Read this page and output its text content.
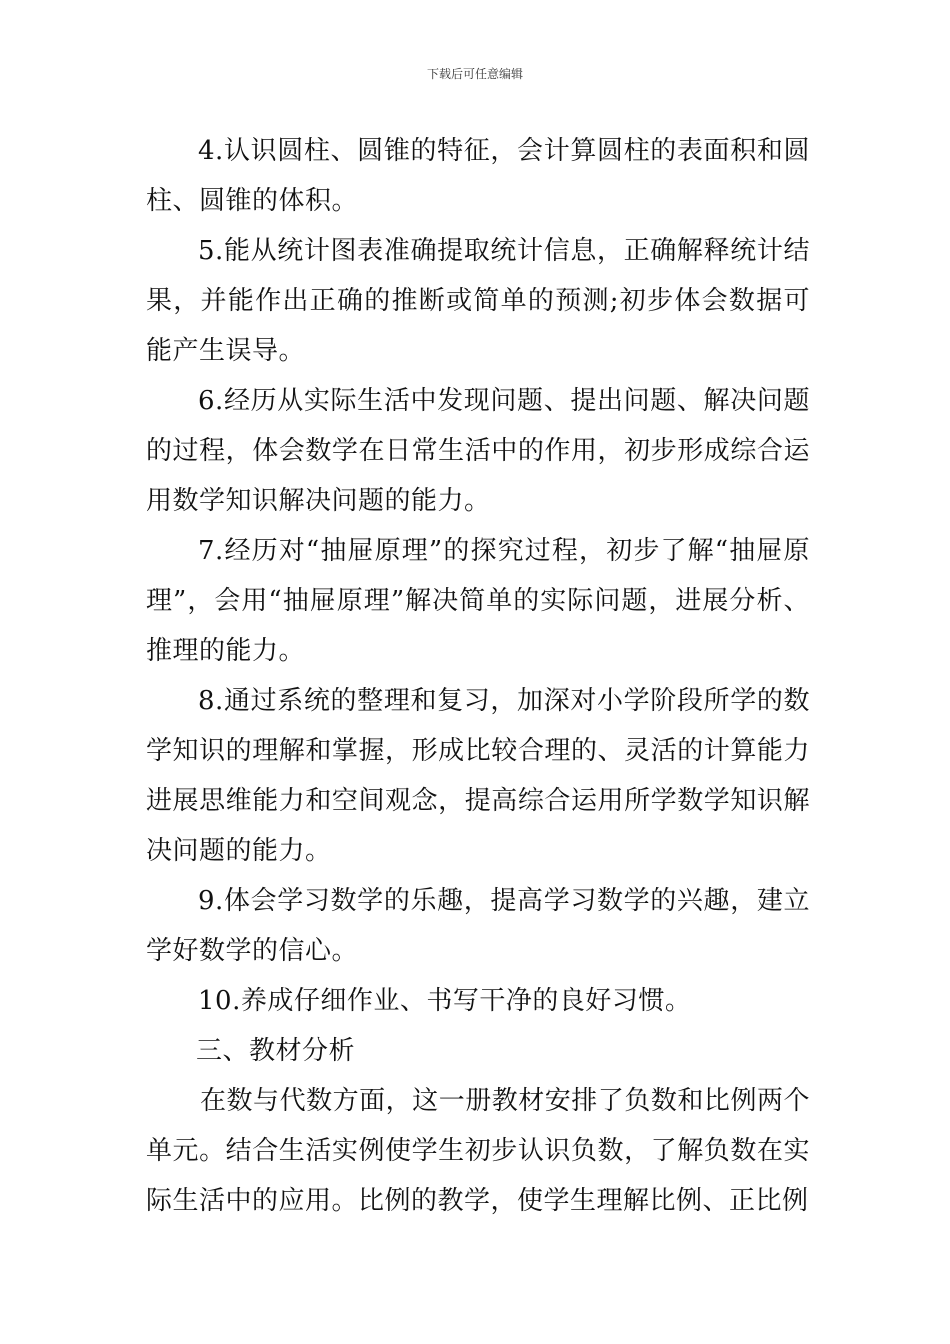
下载后可任意编辑

4.认识圆柱、圆锥的特征，会计算圆柱的表面积和圆柱、圆锥的体积。

5.能从统计图表准确提取统计信息，正确解释统计结果，并能作出正确的推断或简单的预测;初步体会数据可能产生误导。

6.经历从实际生活中发现问题、提出问题、解决问题的过程，体会数学在日常生活中的作用，初步形成综合运用数学知识解决问题的能力。

7.经历对“抽屉原理”的探究过程，初步了解“抽屉原理”，会用“抽屉原理”解决简单的实际问题，进展分析、推理的能力。

8.通过系统的整理和复习，加深对小学阶段所学的数学知识的理解和掌握，形成比较合理的、灵活的计算能力进展思维能力和空间观念，提高综合运用所学数学知识解决问题的能力。

9.体会学习数学的乐趣，提高学习数学的兴趣，建立学好数学的信心。

10.养成仔细作业、书写干净的良好习惯。

三、教材分析

在数与代数方面，这一册教材安排了负数和比例两个单元。结合生活实例使学生初步认识负数，了解负数在实际生活中的应用。比例的教学，使学生理解比例、正比例
